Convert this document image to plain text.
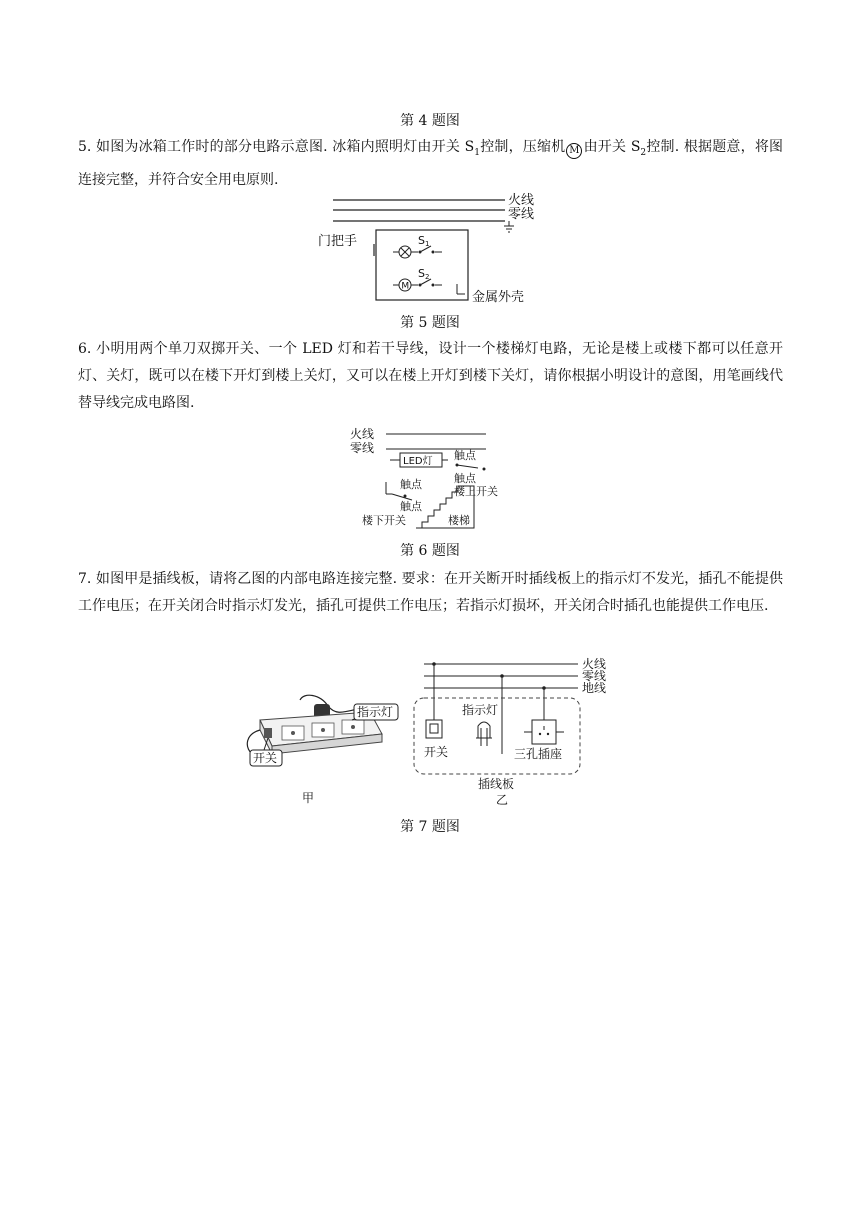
第 4 题图
5. 如图为冰箱工作时的部分电路示意图. 冰箱内照明灯由开关 $S_1$控制，压缩机 M 由开关 $S_2$控制. 根据题意，将图连接完整，并符合安全用电原则.
火线
零线
门把手	S1
M
S2
金属外壳
第 5 题图
6. 小明用两个单刀双掷开关、一个 LED 灯和若干导线，设计一个楼梯灯电路，无论是楼上或楼下都可以任意开灯、关灯，既可以在楼下开灯到楼上关灯，又可以在楼上开灯到楼下关灯，请你根据小明设计的意图，用笔画线代替导线完成电路图.
火线
零线
LED灯 触点
触点
楼上开关
触点
触点
楼下开关	楼梯
第 6 题图
7. 如图甲是插线板，请将乙图的内部电路连接完整. 要求：在开关断开时插线板上的指示灯不发光，插孔不能提供工作电压；在开关闭合时指示灯发光，插孔可提供工作电压；若指示灯损坏，开关闭合时插孔也能提供工作电压.
指示灯
开关
甲
火线
零线
地线
开关
指示灯
三孔插座
插线板
乙
第 7 题图
